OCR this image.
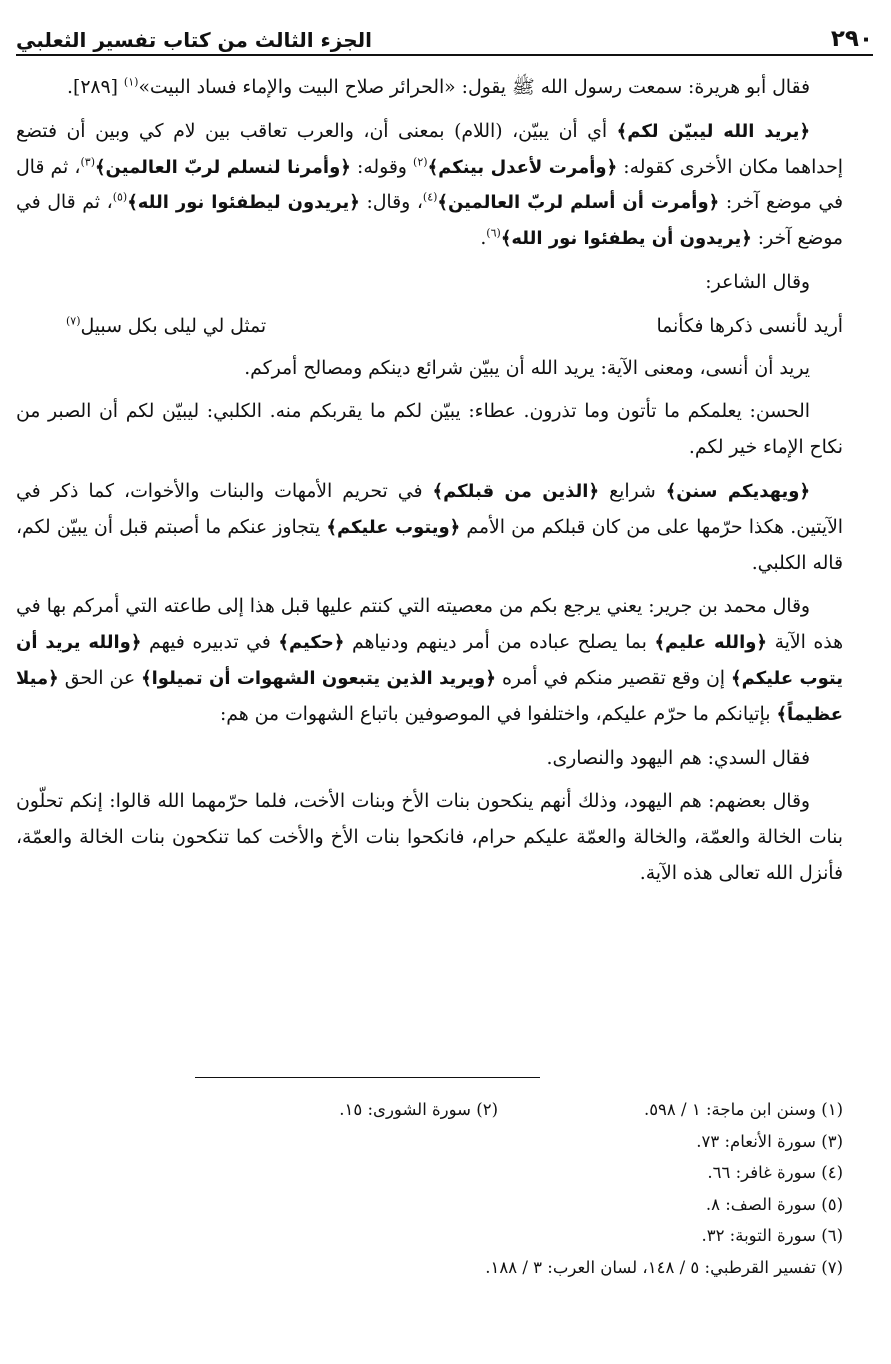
٢٩٠
الجزء الثالث من كتاب تفسير الثعلبي

فقال أبو هريرة: سمعت رسول الله ﷺ يقول: «الحرائر صلاح البيت والإماء فساد البيت»$^{(١)}$ [٢٨٩].

﴿يريد الله ليبيّن لكم﴾ أي أن يبيّن، (اللام) بمعنى أن، والعرب تعاقب بين لام كي وبين أن فتضع إحداهما مكان الأخرى كقوله: ﴿وأمرت لأعدل بينكم﴾$^{(٢)}$ وقوله: ﴿وأمرنا لنسلم لربّ العالمين﴾$^{(٣)}$، ثم قال في موضع آخر: ﴿وأمرت أن أسلم لربّ العالمين﴾$^{(٤)}$، وقال: ﴿يريدون ليطفئوا نور الله﴾$^{(٥)}$، ثم قال في موضع آخر: ﴿يريدون أن يطفئوا نور الله﴾$^{(٦)}$.

وقال الشاعر:

أريد لأنسى ذكرها فكأنما
تمثل لي ليلى بكل سبيل$^{(٧)}$

يريد أن أنسى، ومعنى الآية: يريد الله أن يبيّن شرائع دينكم ومصالح أمركم.

الحسن: يعلمكم ما تأتون وما تذرون. عطاء: يبيّن لكم ما يقربكم منه. الكلبي: ليبيّن لكم أن الصبر من نكاح الإماء خير لكم.

﴿ويهديكم سنن﴾ شرايع ﴿الذين من قبلكم﴾ في تحريم الأمهات والبنات والأخوات، كما ذكر في الآيتين. هكذا حرّمها على من كان قبلكم من الأمم ﴿ويتوب عليكم﴾ يتجاوز عنكم ما أصبتم قبل أن يبيّن لكم، قاله الكلبي.

وقال محمد بن جرير: يعني يرجع بكم من معصيته التي كنتم عليها قبل هذا إلى طاعته التي أمركم بها في هذه الآية ﴿والله عليم﴾ بما يصلح عباده من أمر دينهم ودنياهم ﴿حكيم﴾ في تدبيره فيهم ﴿والله يريد أن يتوب عليكم﴾ إن وقع تقصير منكم في أمره ﴿ويريد الذين يتبعون الشهوات أن تميلوا﴾ عن الحق ﴿ميلا عظيماً﴾ بإتيانكم ما حرّم عليكم، واختلفوا في الموصوفين باتباع الشهوات من هم:

فقال السدي: هم اليهود والنصارى.

وقال بعضهم: هم اليهود، وذلك أنهم ينكحون بنات الأخ وبنات الأخت، فلما حرّمهما الله قالوا: إنكم تحلّون بنات الخالة والعمّة، والخالة والعمّة عليكم حرام، فانكحوا بنات الأخ والأخت كما تنكحون بنات الخالة والعمّة، فأنزل الله تعالى هذه الآية.

(١) وسنن ابن ماجة: ١ / ٥٩٨.
(٢) سورة الشورى: ١٥.
(٣) سورة الأنعام: ٧٣.
(٤) سورة غافر: ٦٦.
(٥) سورة الصف: ٨.
(٦) سورة التوبة: ٣٢.
(٧) تفسير القرطبي: ٥ / ١٤٨، لسان العرب: ٣ / ١٨٨.
